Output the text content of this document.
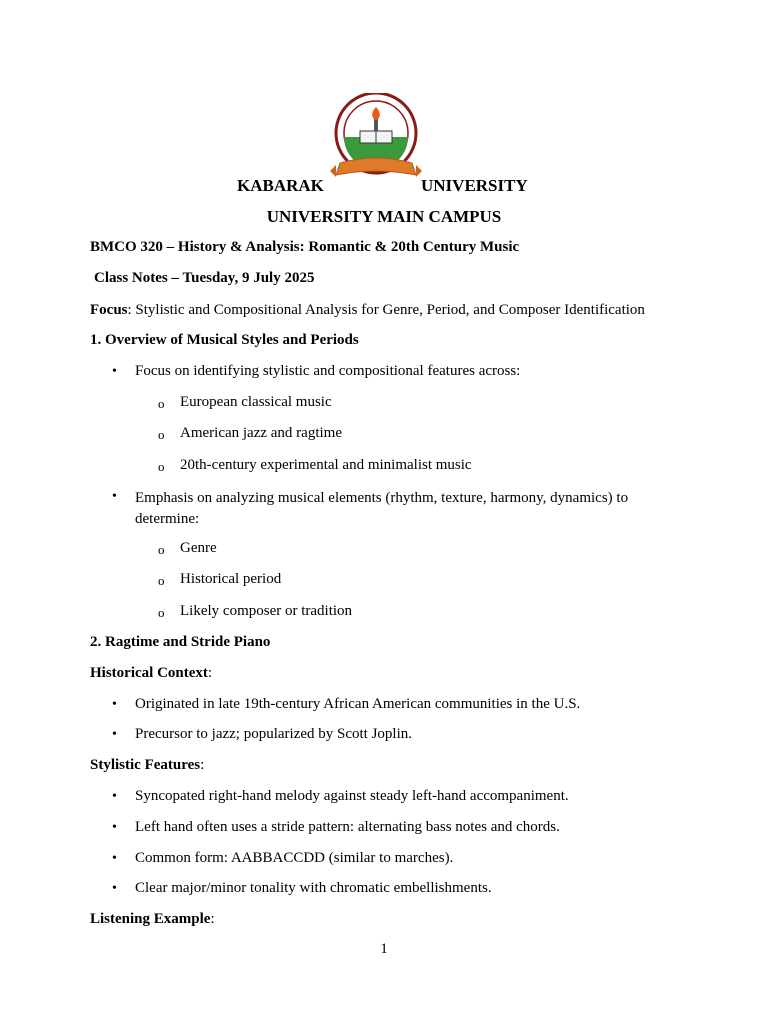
KABARAK	UNIVERSITY
UNIVERSITY MAIN CAMPUS
BMCO 320 – History & Analysis: Romantic & 20th Century Music
Class Notes – Tuesday, 9 July 2025
Focus: Stylistic and Compositional Analysis for Genre, Period, and Composer Identification
1. Overview of Musical Styles and Periods
• Focus on identifying stylistic and compositional features across:
o European classical music
o American jazz and ragtime
o 20th-century experimental and minimalist music
• Emphasis on analyzing musical elements (rhythm, texture, harmony, dynamics) to determine:
o Genre
o Historical period
o Likely composer or tradition
2. Ragtime and Stride Piano
Historical Context:
• Originated in late 19th-century African American communities in the U.S.
• Precursor to jazz; popularized by Scott Joplin.
Stylistic Features:
• Syncopated right-hand melody against steady left-hand accompaniment.
• Left hand often uses a stride pattern: alternating bass notes and chords.
• Common form: AABBACCDD (similar to marches).
• Clear major/minor tonality with chromatic embellishments.
Listening Example:
1
